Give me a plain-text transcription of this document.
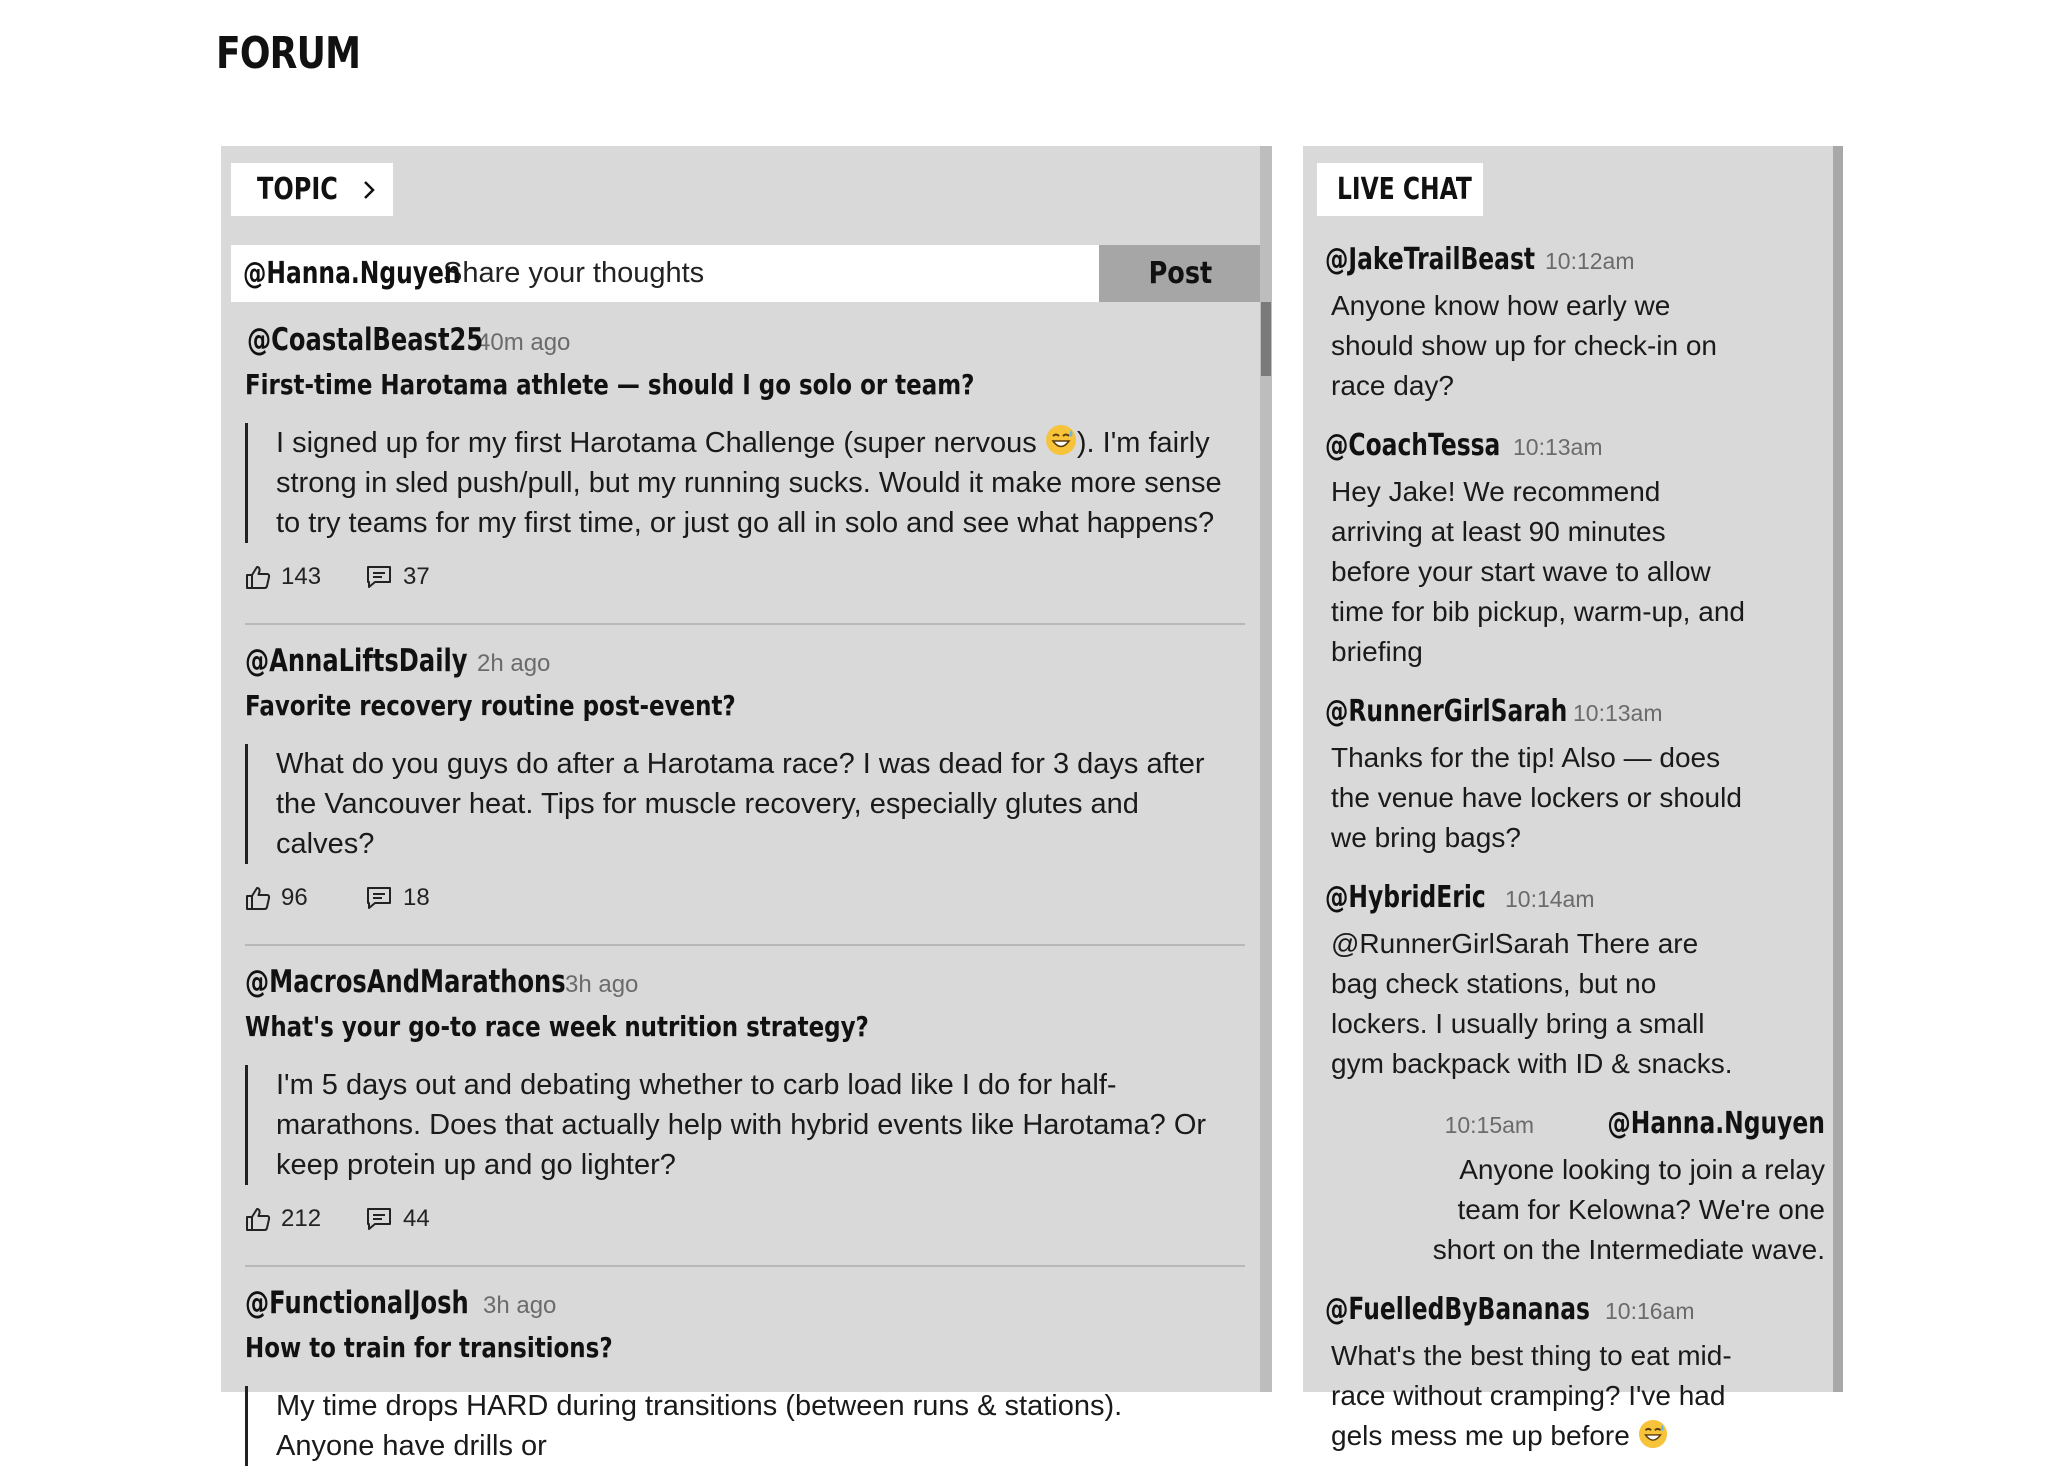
FORUM
TOPIC
@Hanna.Nguyen
Share your thoughts	Post
@CoastalBeast25
40m ago
First-time Harotama athlete — should I go solo or team?
I signed up for my first Harotama Challenge (super nervous ). I'm fairly strong in sled push/pull, but my running sucks. Would it make more sense to try teams for my first time, or just go all in solo and see what happens?
143	37
@AnnaLiftsDaily 2h ago
Favorite recovery routine post-event?
What do you guys do after a Harotama race? I was dead for 3 days after the Vancouver heat. Tips for muscle recovery, especially glutes and calves?
96	18
@MacrosAndMarathons 3h ago
What's your go-to race week nutrition strategy?
I'm 5 days out and debating whether to carb load like I do for half-marathons. Does that actually help with hybrid events like Harotama? Or keep protein up and go lighter?
212	44
@FunctionalJosh 3h ago
How to train for transitions?
My time drops HARD during transitions (between runs & stations). Anyone have drills or
LIVE CHAT
@JakeTrailBeast 10:12am
Anyone know how early we should show up for check-in on race day?
@CoachTessa 10:13am
Hey Jake! We recommend arriving at least 90 minutes before your start wave to allow time for bib pickup, warm-up, and briefing
@RunnerGirlSarah 10:13am
Thanks for the tip! Also — does the venue have lockers or should we bring bags?
@HybridEric 10:14am
@RunnerGirlSarah There are bag check stations, but no lockers. I usually bring a small gym backpack with ID & snacks.
10:15am @Hanna.Nguyen
Anyone looking to join a relay team for Kelowna? We're one short on the Intermediate wave.
@FuelledByBananas 10:16am
What's the best thing to eat mid-race without cramping? I've had gels mess me up before
